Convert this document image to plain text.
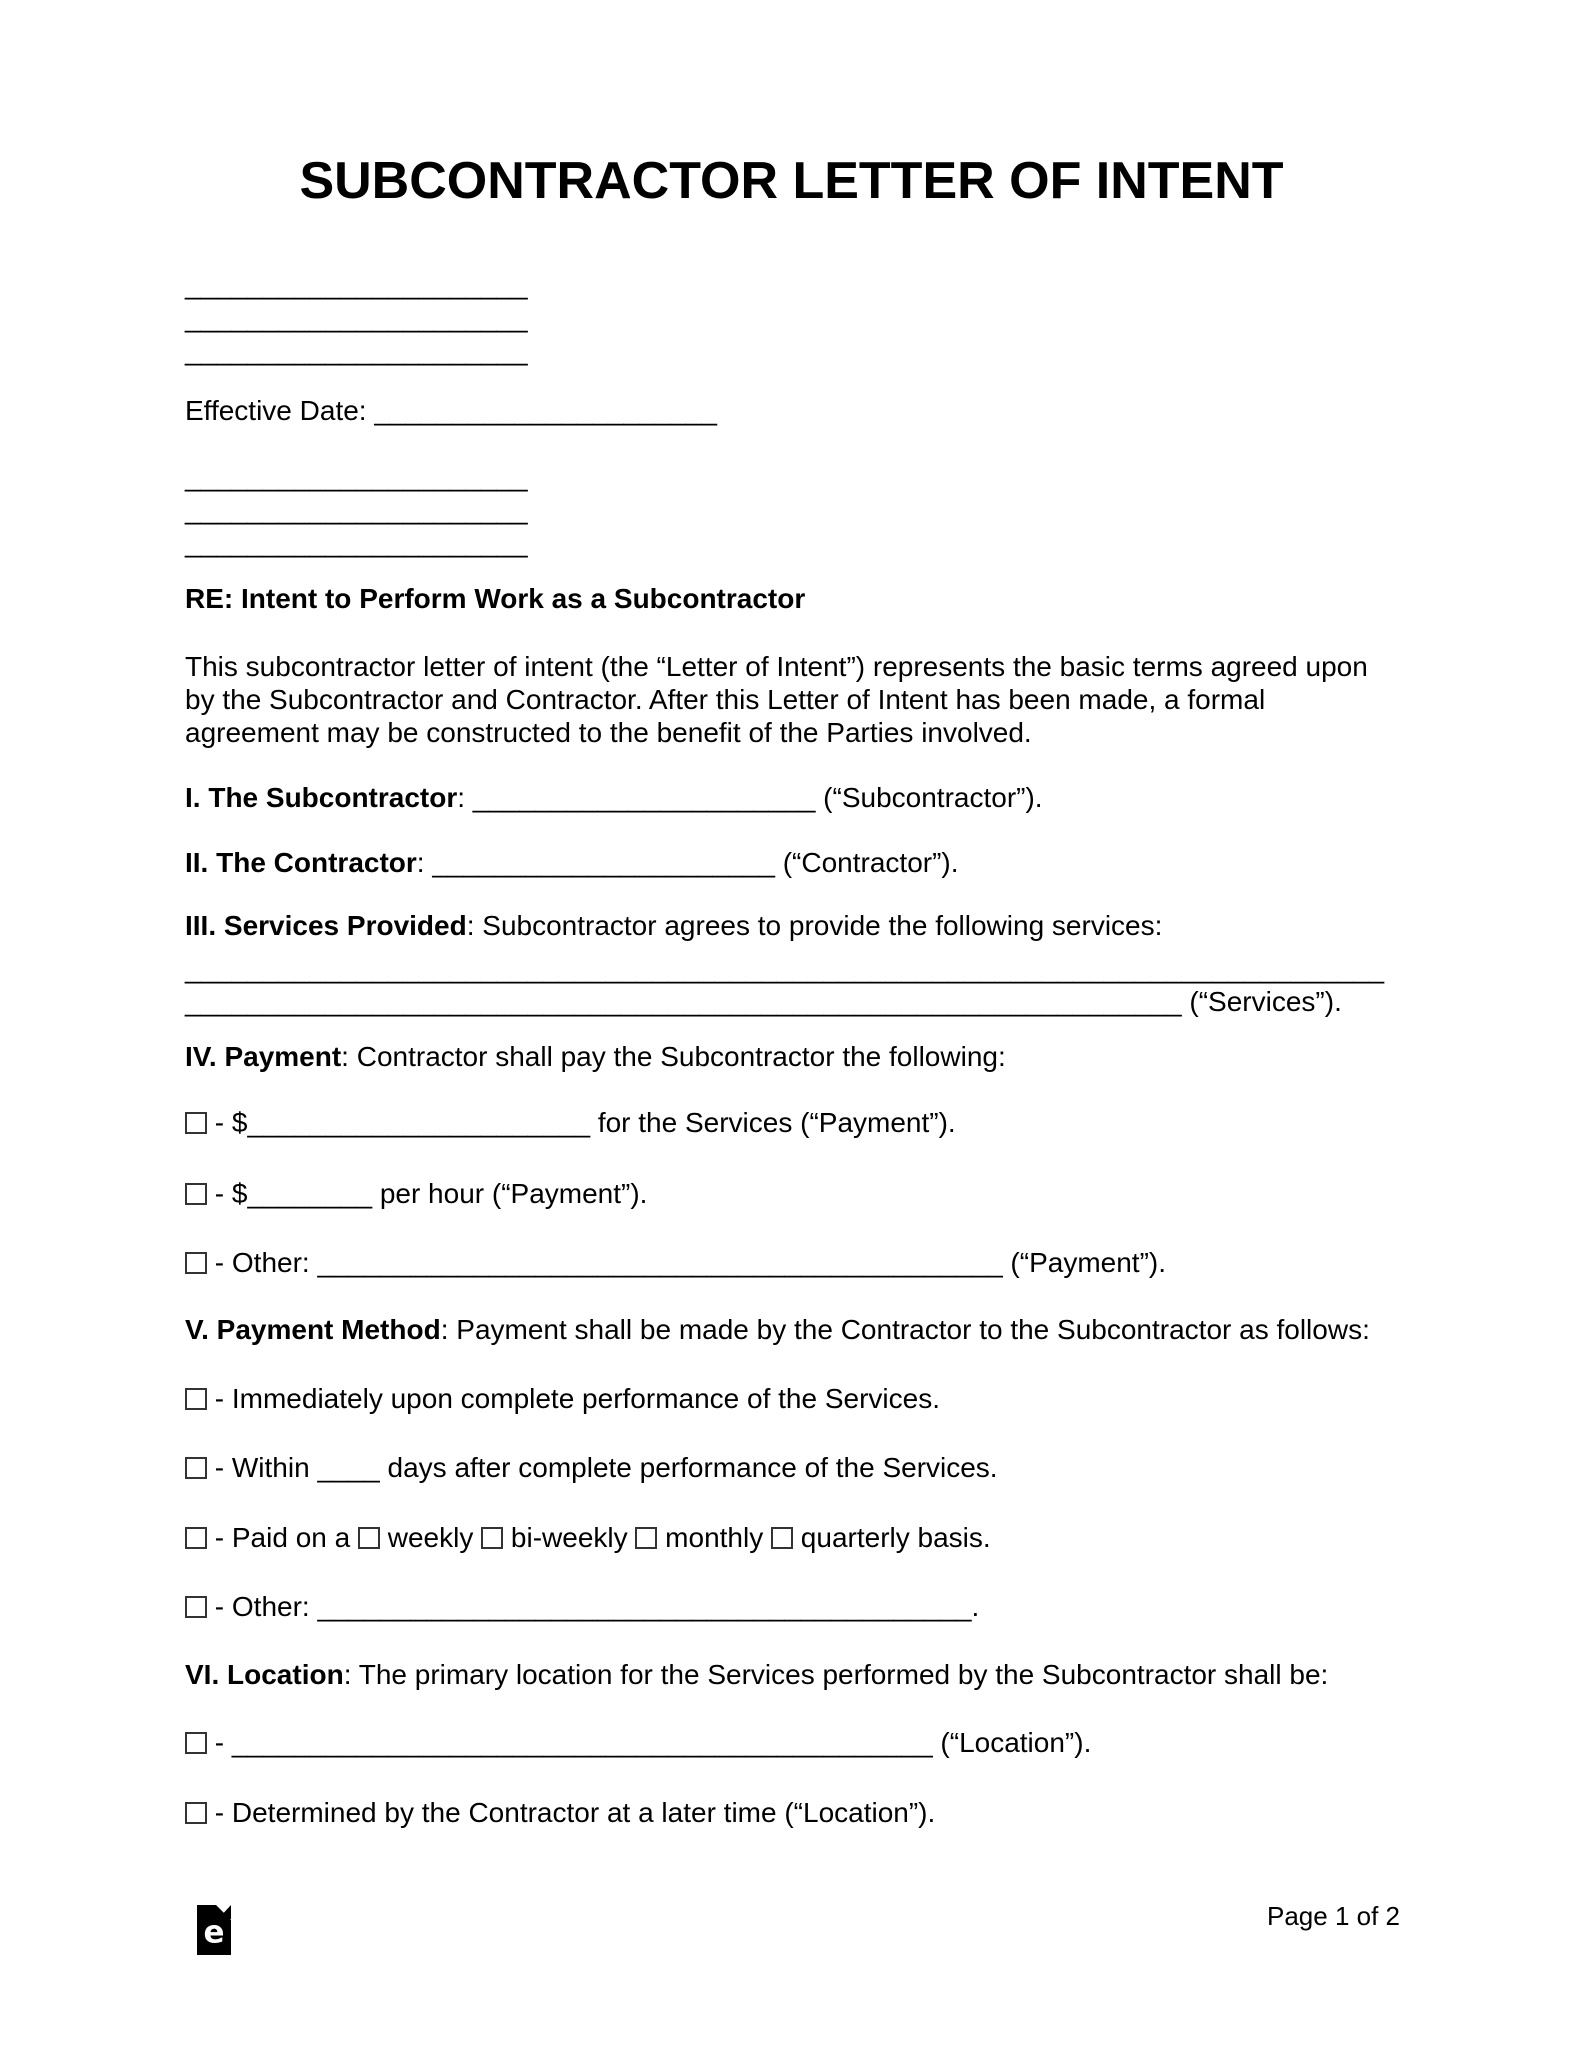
SUBCONTRACTOR LETTER OF INTENT
______________________
______________________
______________________
Effective Date: ______________________
______________________
______________________
______________________
RE: Intent to Perform Work as a Subcontractor
This subcontractor letter of intent (the “Letter of Intent”) represents the basic terms agreed upon
by the Subcontractor and Contractor. After this Letter of Intent has been made, a formal
agreement may be constructed to the benefit of the Parties involved.
I. The Subcontractor: ______________________ (“Subcontractor”).
II. The Contractor: ______________________ (“Contractor”).
III. Services Provided: Subcontractor agrees to provide the following services:
_____________________________________________________________________________
________________________________________________________________ (“Services”).
IV. Payment: Contractor shall pay the Subcontractor the following:
- $______________________ for the Services (“Payment”).
- $________ per hour (“Payment”).
- Other: ____________________________________________ (“Payment”).
V. Payment Method: Payment shall be made by the Contractor to the Subcontractor as follows:
- Immediately upon complete performance of the Services.
- Within ____ days after complete performance of the Services.
- Paid on a  weekly  bi-weekly  monthly  quarterly basis.
- Other: __________________________________________.
VI. Location: The primary location for the Services performed by the Subcontractor shall be:
- _____________________________________________ (“Location”).
- Determined by the Contractor at a later time (“Location”).
e	Page 1 of 2
